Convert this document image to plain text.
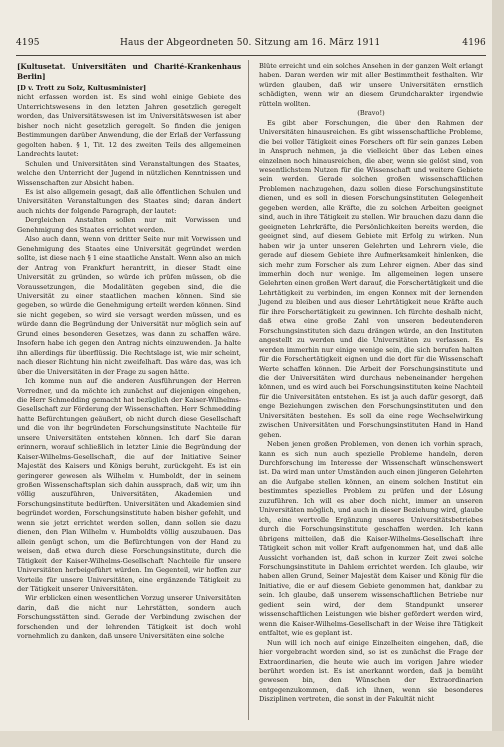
4195	Haus der Abgeordneten 50. Sitzung am 16. März 1911	4196
[Kultusetat. Universitäten und Charité-Krankenhaus Berlin]

[D v. Trott zu Solz, Kultusminister]

nicht erfassen worden ist. Es sind wohl einige Gebiete des Unterrichtswesens in den letzten Jahren gesetzlich geregelt worden, das Universitätswesen ist im Universitätswesen ist aber bisher noch nicht gesetzlich geregelt. So finden die jenigen Bestimmungen darüber Anwendung, die der Erlaß der Verfassung gegolten haben. § 1, Tit. 12 des zweiten Teils des allgemeinen Landrechts lautet:

Schulen und Universitäten sind Veranstaltungen des Staates, welche den Unterricht der Jugend in nützlichen Kenntnissen und Wissenschaften zur Absicht haben.

Es ist also allgemein gesagt, daß alle öffentlichen Schulen und Universitäten Veranstaltungen des Staates sind; daran ändert auch nichts der folgende Paragraph, der lautet:

Dergleichen Anstalten sollen nur mit Vorwissen und Genehmigung des Staates errichtet werden.

Also auch dann, wenn von dritter Seite nur mit Vorwissen und Genehmigung des Staates eine Universität gegründet werden sollte, ist diese nach § 1 eine staatliche Anstalt. Wenn also an mich der Antrag von Frankfurt herantritt, in dieser Stadt eine Universität zu gründen, so würde ich prüfen müssen, ob die Voraussetzungen, die Modalitäten gegeben sind, die die Universität zu einer staatlichen machen können. Sind sie gegeben, so würde die Genehmigung erteilt werden können. Sind sie nicht gegeben, so wird sie versagt werden müssen, und es würde dann die Begründung der Universität nur möglich sein auf Grund eines besonderen Gesetzes, was dann zu schaffen wäre. Insofern habe ich gegen den Antrag nichts einzuwenden. Ja halte ihn allerdings für überflüssig. Die Rechtslage ist, wie mir scheint, nach dieser Richtung hin nicht zweifelhaft. Das wäre das, was ich über die Universitäten in der Frage zu sagen hätte.

Ich komme nun auf die anderen Ausführungen der Herren Vorredner, und da möchte ich zunächst auf diejenigen eingehen, die Herr Schmedding gemacht hat bezüglich der Kaiser-Wilhelms-Gesellschaft zur Förderung der Wissenschaften. Herr Schmedding hatte Befürchtungen geäußert, ob nicht durch diese Gesellschaft und die von ihr begründeten Forschungsinstitute Nachteile für unsere Universitäten entstehen können. Ich darf Sie daran erinnern, worauf schließlich in letzter Linie die Begründung der Kaiser-Wilhelms-Gesellschaft, die auf der Initiative Seiner Majestät des Kaisers und Königs beruht, zurückgeht. Es ist ein geringerer gewesen als Wilhelm v. Humboldt, der in seinem großen Wissenschaftsplan sich dahin aussprach, daß wir, um ihn völlig auszuführen, Universitäten, Akademien und Forschungsinstitute bedürften. Universitäten und Akademien sind begründet worden, Forschungsinstitute haben bisher gefehlt, und wenn sie jetzt errichtet werden sollen, dann sollen sie dazu dienen, den Plan Wilhelm v. Humboldts völlig auszubauen. Das allein genügt schon, um die Befürchtungen von der Hand zu weisen, daß etwa durch diese Forschungsinstitute, durch die Tätigkeit der Kaiser-Wilhelms-Gesellschaft Nachteile für unsere Universitäten herbeigeführt würden. Im Gegenteil, wir hoffen zur Vorteile für unsere Universitäten, eine ergänzende Tätigkeit zu der Tätigkeit unserer Universitäten.

Wir erblicken einen wesentlichen Vorzug unserer Universitäten darin, daß die nicht nur Lehrstätten, sondern auch Forschungsstätten sind. Gerade der Verbindung zwischen der forschenden und der lehrenden Tätigkeit ist doch wohl vornehmlich zu danken, daß unsere Universitäten eine solche

Blüte erreicht und ein solches Ansehen in der ganzen Welt erlangt haben. Daran werden wir mit aller Bestimmtheit festhalten. Wir würden glauben, daß wir unsere Universitäten ernstlich schädigten, wenn wir an diesem Grundcharakter irgendwie rütteln wollten.

(Bravo!)

Es gibt aber Forschungen, die über den Rahmen der Universitäten hinausreichen. Es gibt wissenschaftliche Probleme, die bei voller Tätigkeit eines Forschers oft für sein ganzes Leben in Anspruch nehmen, ja die vielleicht über das Leben eines einzelnen noch hinausreichen, die aber, wenn sie gelöst sind, von wesentlichstem Nutzen für die Wissenschaft und weitere Gebiete sein werden. Gerade solchen großen wissenschaftlichen Problemen nachzugehen, dazu sollen diese Forschungsinstitute dienen, und es soll in diesen Forschungsinstituten Gelegenheit gegeben werden, alle Kräfte, die zu solchen Arbeiten geeignet sind, auch in ihre Tätigkeit zu stellen. Wir brauchen dazu dann die geeigneten Lehrkräfte, die Persönlichkeiten bereits werden, die geeignet sind, auf diesem Gebiete mit Erfolg zu wirken. Nun haben wir ja unter unseren Gelehrten und Lehrern viele, die gerade auf diesem Gebiete ihre Aufmerksamkeit hinlenken, die sich mehr zum Forscher als zum Lehrer eignen. Aber das sind immerhin doch nur wenige. Im allgemeinen legen unsere Gelehrten einen großen Wert darauf, die Forschertätigkeit und die Lehrtätigkeit zu verbinden, im engen Konnex mit der lernenden Jugend zu bleiben und aus dieser Lehrtätigkeit neue Kräfte auch für ihre Forschertätigkeit zu gewinnen. Ich fürchte deshalb nicht, daß etwa eine große Zahl von unseren bedeutenderen Forschungsinstituten sich dazu drängen würde, an den Instituten angestellt zu werden und die Universitäten zu verlassen. Es werden immerhin nur einige wenige sein, die sich berufen halten für die Forschertätigkeit eignen und die dort für die Wissenschaft Werte schaffen können. Die Arbeit der Forschungsinstitute und die der Universitäten wird durchaus nebeneinander hergehen können, und es wird auch bei Forschungsinstituten keine Nachteil für die Universitäten entstehen. Es ist ja auch dafür gesorgt, daß enge Beziehungen zwischen den Forschungsinstituten und den Universitäten bestehen. Es soll da eine rege Wechselwirkung zwischen Universitäten und Forschungsinstituten Hand in Hand gehen.

Neben jenen großen Problemen, von denen ich vorhin sprach, kann es sich nun auch spezielle Probleme handeln, deren Durchforschung im Interesse der Wissenschaft wünschenswert ist. Da wird man unter Umständen auch einen jüngeren Gelehrten an die Aufgabe stellen können, an einem solchen Institut ein bestimmtes spezielles Problem zu prüfen und der Lösung zuzuführen. Ich will es aber doch nicht, immer an unseren Universitäten möglich, und auch in dieser Beziehung wird, glaube ich, eine wertvolle Ergänzung unseres Universitätsbetriebes durch die Forschungsinstitute geschaffen werden. Ich kann übrigens mitteilen, daß die Kaiser-Wilhelms-Gesellschaft ihre Tätigkeit schon mit voller Kraft aufgenommen hat, und daß alle Aussicht vorhanden ist, daß schon in kurzer Zeit zwei solche Forschungsinstitute in Dahlem errichtet werden. Ich glaube, wir haben allen Grund, Seiner Majestät dem Kaiser und König für die Initiative, die er auf diesem Gebiete genommen hat, dankbar zu sein. Ich glaube, daß unserem wissenschaftlichen Betriebe nur gedient sein wird, der dem Standpunkt unserer wissenschaftlichen Leistungen wie bisher gefördert werden wird, wenn die Kaiser-Wilhelms-Gesellschaft in der Weise ihre Tätigkeit entfaltet, wie es geplant ist.

Nun will ich noch auf einige Einzelheiten eingehen, daß, die hier vorgebracht worden sind, so ist es zunächst die Frage der Extraordinarien, die heute wie auch im vorigen Jahre wieder berührt worden ist. Es ist anerkannt worden, daß ja bemüht gewesen bin, den Wünschen der Extraordinarien entgegenzukommen, daß ich ihnen, wenn sie besonderes Disziplinen vertreten, die sonst in der Fakultät nicht
